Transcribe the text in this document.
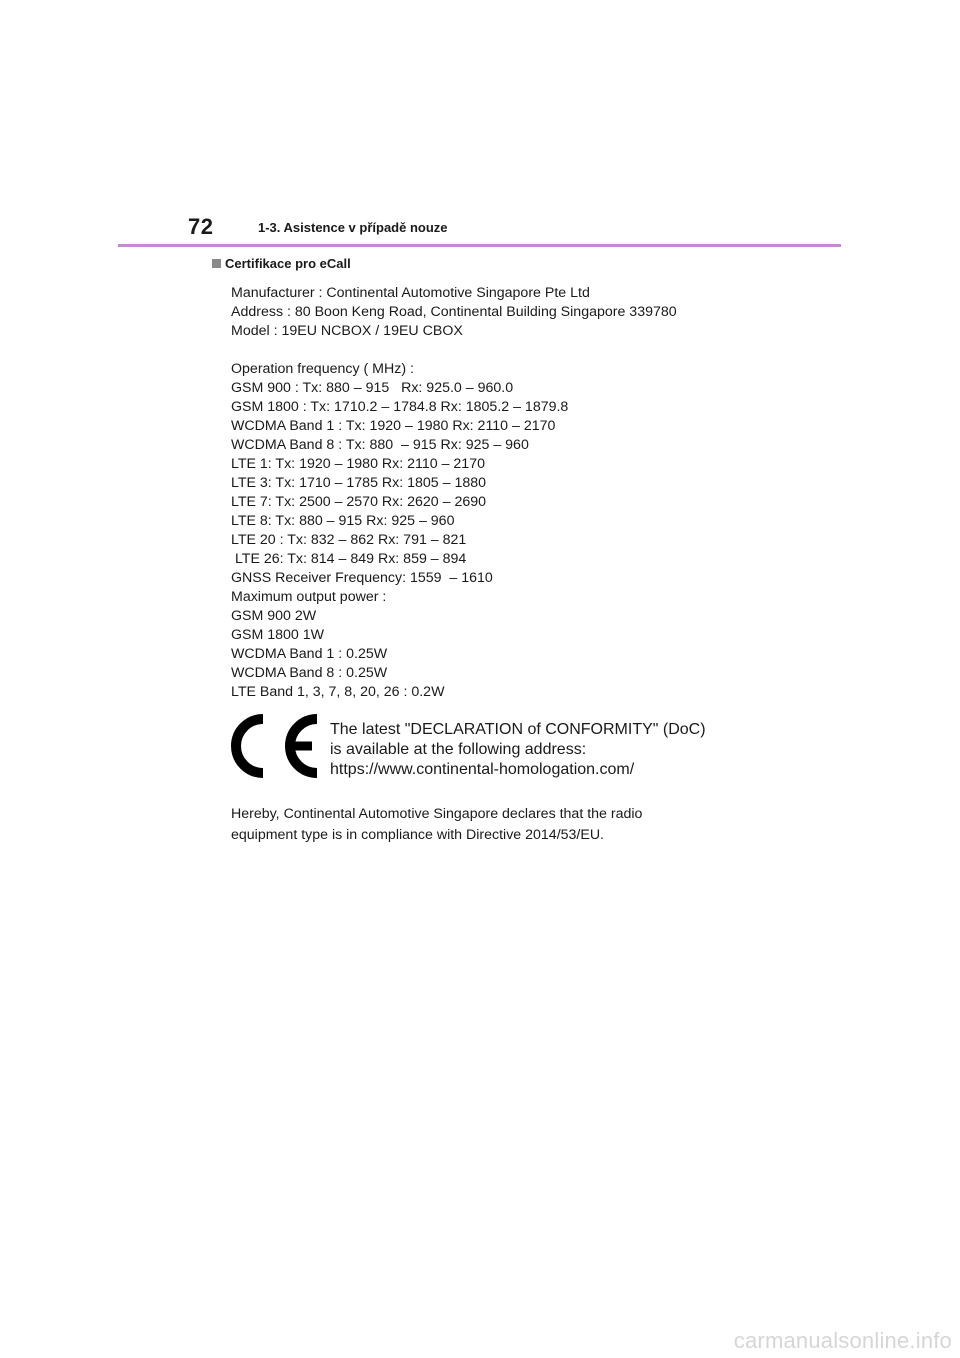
72	1-3. Asistence v případě nouze
Certifikace pro eCall
Manufacturer : Continental Automotive Singapore Pte Ltd
Address : 80 Boon Keng Road, Continental Building Singapore 339780
Model : 19EU NCBOX / 19EU CBOX
Operation frequency ( MHz) :
GSM 900 : Tx: 880 – 915   Rx: 925.0 – 960.0
GSM 1800 : Tx: 1710.2 – 1784.8 Rx: 1805.2 – 1879.8
WCDMA Band 1 : Tx: 1920 – 1980 Rx: 2110 – 2170
WCDMA Band 8 : Tx: 880  – 915 Rx: 925 – 960
LTE 1: Tx: 1920 – 1980 Rx: 2110 – 2170
LTE 3: Tx: 1710 – 1785 Rx: 1805 – 1880
LTE 7: Tx: 2500 – 2570 Rx: 2620 – 2690
LTE 8: Tx: 880 – 915 Rx: 925 – 960
LTE 20 : Tx: 832 – 862 Rx: 791 – 821
LTE 26: Tx: 814 – 849 Rx: 859 – 894
GNSS Receiver Frequency: 1559  – 1610
Maximum output power :
GSM 900 2W
GSM 1800 1W
WCDMA Band 1 : 0.25W
WCDMA Band 8 : 0.25W
LTE Band 1, 3, 7, 8, 20, 26 : 0.2W
The latest "DECLARATION of CONFORMITY" (DoC)
is available at the following address:
https://www.continental-homologation.com/
Hereby, Continental Automotive Singapore declares that the radio
equipment type is in compliance with Directive 2014/53/EU.
carmanualsonline.info
